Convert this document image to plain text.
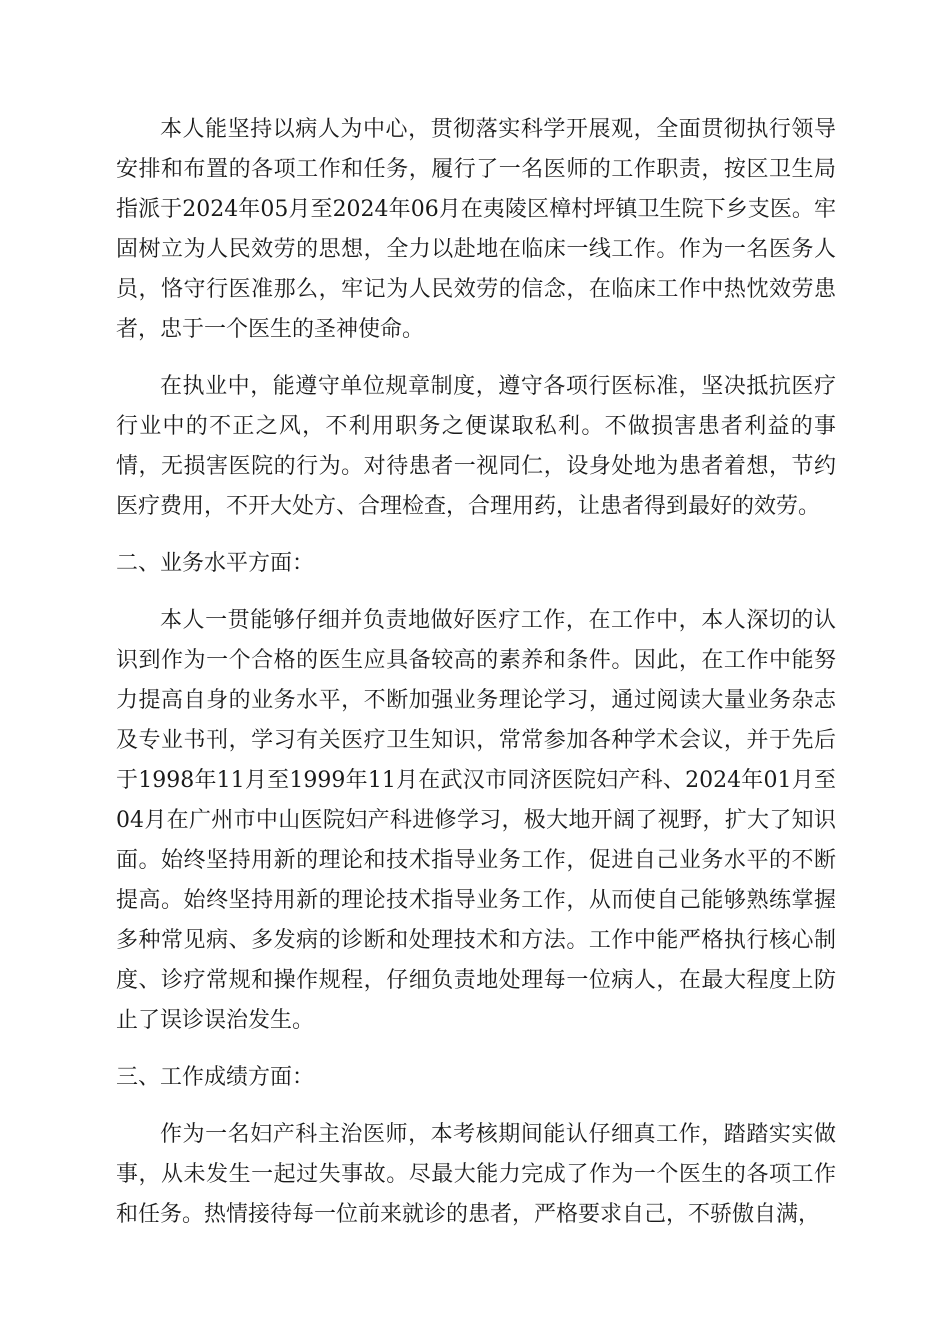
本人能坚持以病人为中心，贯彻落实科学开展观，全面贯彻执行领导安排和布置的各项工作和任务，履行了一名医师的工作职责，按区卫生局指派于2024年05月至2024年06月在夷陵区樟村坪镇卫生院下乡支医。牢固树立为人民效劳的思想，全力以赴地在临床一线工作。作为一名医务人员，恪守行医准那么，牢记为人民效劳的信念，在临床工作中热忱效劳患者，忠于一个医生的圣神使命。

在执业中，能遵守单位规章制度，遵守各项行医标准，坚决抵抗医疗行业中的不正之风，不利用职务之便谋取私利。不做损害患者利益的事情，无损害医院的行为。对待患者一视同仁，设身处地为患者着想，节约医疗费用，不开大处方、合理检查，合理用药，让患者得到最好的效劳。

二、业务水平方面：

本人一贯能够仔细并负责地做好医疗工作，在工作中，本人深切的认识到作为一个合格的医生应具备较高的素养和条件。因此，在工作中能努力提高自身的业务水平，不断加强业务理论学习，通过阅读大量业务杂志及专业书刊，学习有关医疗卫生知识，常常参加各种学术会议，并于先后于1998年11月至1999年11月在武汉市同济医院妇产科、2024年01月至04月在广州市中山医院妇产科进修学习，极大地开阔了视野，扩大了知识面。始终坚持用新的理论和技术指导业务工作，促进自己业务水平的不断提高。始终坚持用新的理论技术指导业务工作，从而使自己能够熟练掌握多种常见病、多发病的诊断和处理技术和方法。工作中能严格执行核心制度、诊疗常规和操作规程，仔细负责地处理每一位病人，在最大程度上防止了误诊误治发生。

三、工作成绩方面：

作为一名妇产科主治医师，本考核期间能认仔细真工作，踏踏实实做事，从未发生一起过失事故。尽最大能力完成了作为一个医生的各项工作和任务。热情接待每一位前来就诊的患者，严格要求自己，不骄傲自满，
